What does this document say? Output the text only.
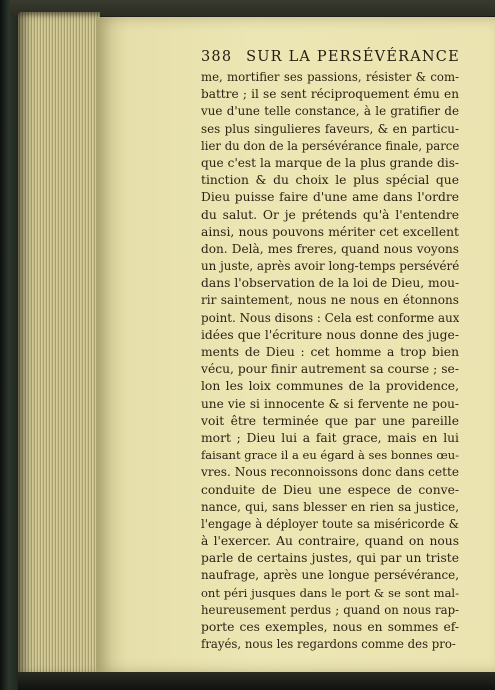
388 SUR LA PERSÉVÉRANCE
me, mortifier ses passions, résister & com-
battre ; il se sent réciproquement ému en
vue d'une telle constance, à le gratifier de
ses plus singulieres faveurs, & en particu-
lier du don de la persévérance finale, parce
que c'est la marque de la plus grande dis-
tinction & du choix le plus spécial que
Dieu puisse faire d'une ame dans l'ordre
du salut. Or je prétends qu'à l'entendre
ainsi, nous pouvons mériter cet excellent
don. Delà, mes freres, quand nous voyons
un juste, après avoir long-temps persévéré
dans l'observation de la loi de Dieu, mou-
rir saintement, nous ne nous en étonnons
point. Nous disons : Cela est conforme aux
idées que l'écriture nous donne des juge-
ments de Dieu : cet homme a trop bien
vécu, pour finir autrement sa course ; se-
lon les loix communes de la providence,
une vie si innocente & si fervente ne pou-
voit être terminée que par une pareille
mort ; Dieu lui a fait grace, mais en lui
faisant grace il a eu égard à ses bonnes œu-
vres. Nous reconnoissons donc dans cette
conduite de Dieu une espece de conve-
nance, qui, sans blesser en rien sa justice,
l'engage à déployer toute sa miséricorde &
à l'exercer. Au contraire, quand on nous
parle de certains justes, qui par un triste
naufrage, après une longue persévérance,
ont péri jusques dans le port & se sont mal-
heureusement perdus ; quand on nous rap-
porte ces exemples, nous en sommes ef-
frayés, nous les regardons comme des pro-
